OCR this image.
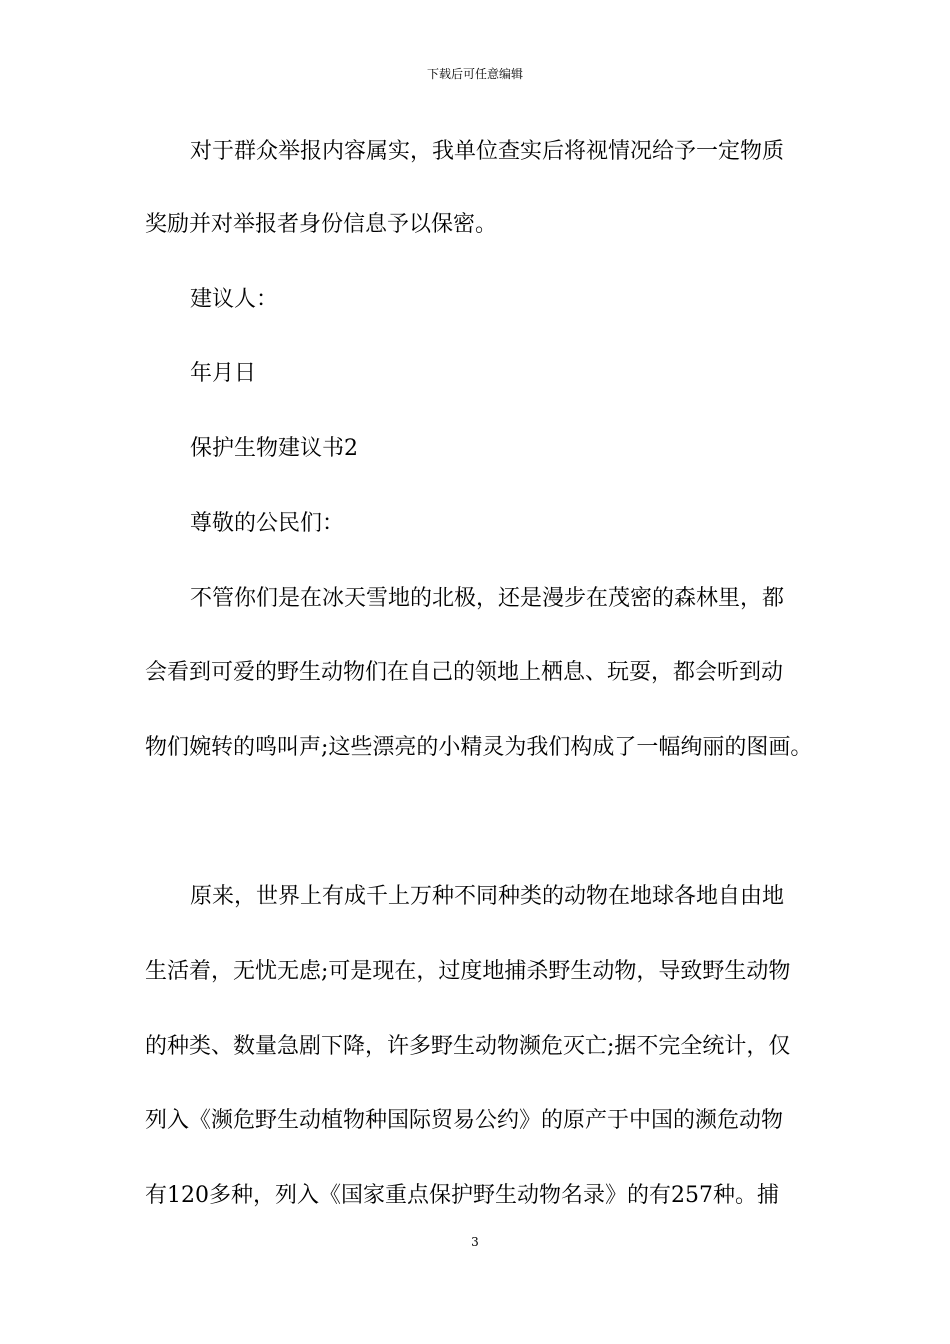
下载后可任意编辑
对于群众举报内容属实，我单位查实后将视情况给予一定物质
奖励并对举报者身份信息予以保密。
建议人：
年月日
保护生物建议书2
尊敬的公民们：
不管你们是在冰天雪地的北极，还是漫步在茂密的森林里，都
会看到可爱的野生动物们在自己的领地上栖息、玩耍，都会听到动
物们婉转的鸣叫声;这些漂亮的小精灵为我们构成了一幅绚丽的图画。
原来，世界上有成千上万种不同种类的动物在地球各地自由地
生活着，无忧无虑;可是现在，过度地捕杀野生动物，导致野生动物
的种类、数量急剧下降，许多野生动物濒危灭亡;据不完全统计，仅
列入《濒危野生动植物种国际贸易公约》的原产于中国的濒危动物
有120多种，列入《国家重点保护野生动物名录》的有257种。捕
3
